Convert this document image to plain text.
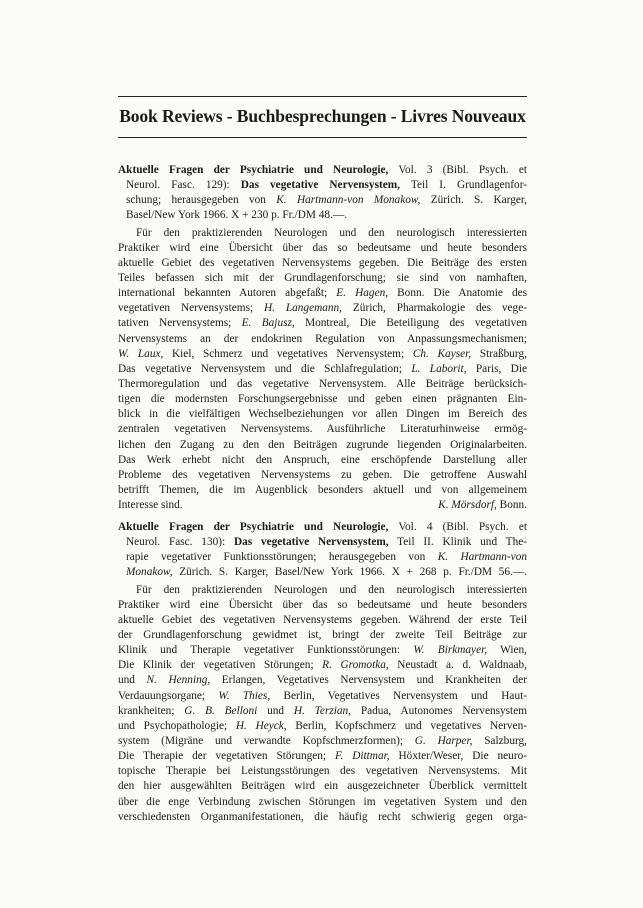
Book Reviews - Buchbesprechungen - Livres Nouveaux
Aktuelle Fragen der Psychiatrie und Neurologie, Vol. 3 (Bibl. Psych. et
Neurol. Fasc. 129): Das vegetative Nervensystem, Teil I. Grundlagenfor-
schung; herausgegeben von K. Hartmann-von Monakow, Zürich. S. Karger,
Basel/New York 1966. X + 230 p. Fr./DM 48.—.
Für den praktizierenden Neurologen und den neurologisch interessierten
Praktiker wird eine Übersicht über das so bedeutsame und heute besonders
aktuelle Gebiet des vegetativen Nervensystems gegeben. Die Beiträge des ersten
Teiles befassen sich mit der Grundlagenforschung; sie sind von namhaften,
international bekannten Autoren abgefaßt; E. Hagen, Bonn. Die Anatomie des
vegetativen Nervensystems; H. Langemann, Zürich, Pharmakologie des vege-
tativen Nervensystems; E. Bajusz, Montreal, Die Beteiligung des vegetativen
Nervensystems an der endokrinen Regulation von Anpassungsmechanismen;
W. Laux, Kiel, Schmerz und vegetatives Nervensystem; Ch. Kayser, Straßburg,
Das vegetative Nervensystem und die Schlafregulation; L. Laborit, Paris, Die
Thermoregulation und das vegetative Nervensystem. Alle Beiträge berücksich-
tigen die modernsten Forschungsergebnisse und geben einen prägnanten Ein-
blick in die vielfältigen Wechselbeziehungen vor allen Dingen im Bereich des
zentralen vegetativen Nervensystems. Ausführliche Literaturhinweise ermög-
lichen den Zugang zu den den Beiträgen zugrunde liegenden Originalarbeiten.
Das Werk erhebt nicht den Anspruch, eine erschöpfende Darstellung aller
Probleme des vegetativen Nervensystems zu geben. Die getroffene Auswahl
betrifft Themen, die im Augenblick besonders aktuell und von allgemeinem
Interesse sind.	K. Mörsdorf, Bonn.
Aktuelle Fragen der Psychiatrie und Neurologie, Vol. 4 (Bibl. Psych. et
Neurol. Fasc. 130): Das vegetative Nervensystem, Teil II. Klinik und The-
rapie vegetativer Funktionsstörungen; herausgegeben von K. Hartmann-von
Monakow, Zürich. S. Karger, Basel/New York 1966. X + 268 p. Fr./DM 56.—.
Für den praktizierenden Neurologen und den neurologisch interessierten
Praktiker wird eine Übersicht über das so bedeutsame und heute besonders
aktuelle Gebiet des vegetativen Nervensystems gegeben. Während der erste Teil
der Grundlagenforschung gewidmet ist, bringt der zweite Teil Beiträge zur
Klinik und Therapie vegetativer Funktionsstörungen: W. Birkmayer, Wien,
Die Klinik der vegetativen Störungen; R. Gromotka, Neustadt a. d. Waldnaab,
und N. Henning, Erlangen, Vegetatives Nervensystem und Krankheiten der
Verdauungsorgane; W. Thies, Berlin, Vegetatives Nervensystem und Haut-
krankheiten; G. B. Belloni und H. Terzian, Padua, Autonomes Nervensystem
und Psychopathologie; H. Heyck, Berlin, Kopfschmerz und vegetatives Nerven-
system (Migräne und verwandte Kopfschmerzformen); G. Harper, Salzburg,
Die Therapie der vegetativen Störungen; F. Dittmar, Höxter/Weser, Die neuro-
topische Therapie bei Leistungsstörungen des vegetativen Nervensystems. Mit
den hier ausgewählten Beiträgen wird ein ausgezeichneter Überblick vermittelt
über die enge Verbindung zwischen Störungen im vegetativen System und den
verschiedensten Organmanifestationen, die häufig recht schwierig gegen orga-
